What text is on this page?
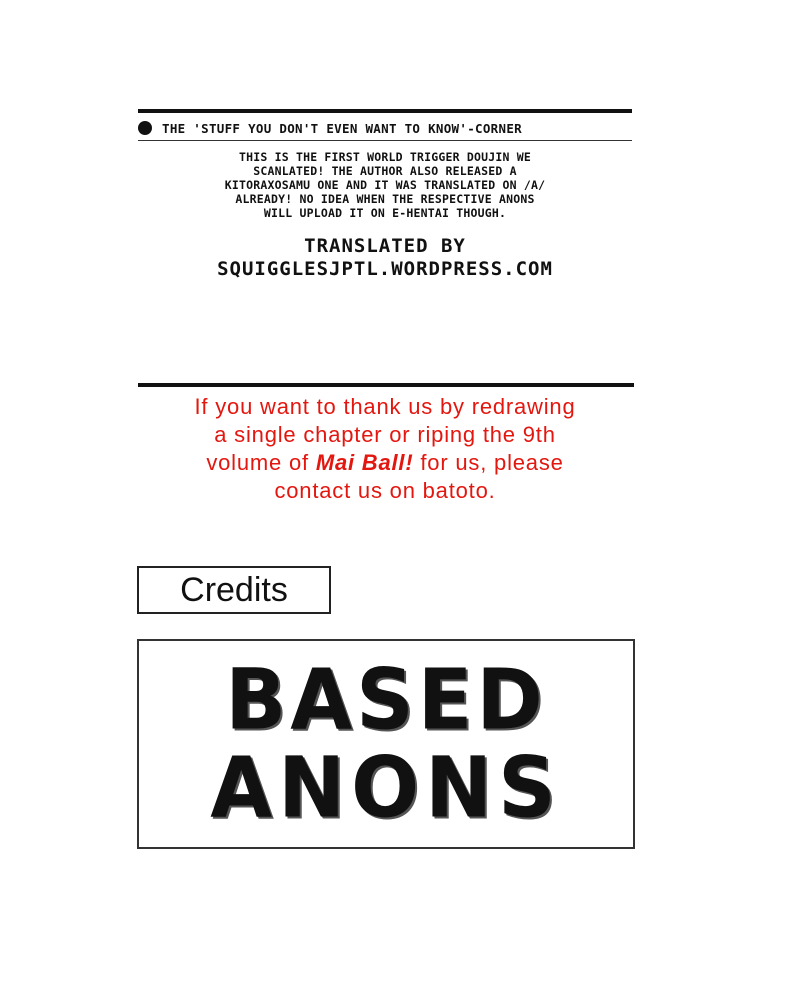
THE 'STUFF YOU DON'T EVEN WANT TO KNOW'-CORNER
THIS IS THE FIRST WORLD TRIGGER DOUJIN WE
SCANLATED! THE AUTHOR ALSO RELEASED A
KITORAXOSAMU ONE AND IT WAS TRANSLATED ON /A/
ALREADY! NO IDEA WHEN THE RESPECTIVE ANONS
WILL UPLOAD IT ON E-HENTAI THOUGH.
TRANSLATED BY
SQUIGGLESJPTL.WORDPRESS.COM
If you want to thank us by redrawing
a single chapter or riping the 9th
volume of Mai Ball! for us, please
contact us on batoto.
Credits
BASED
ANONS
